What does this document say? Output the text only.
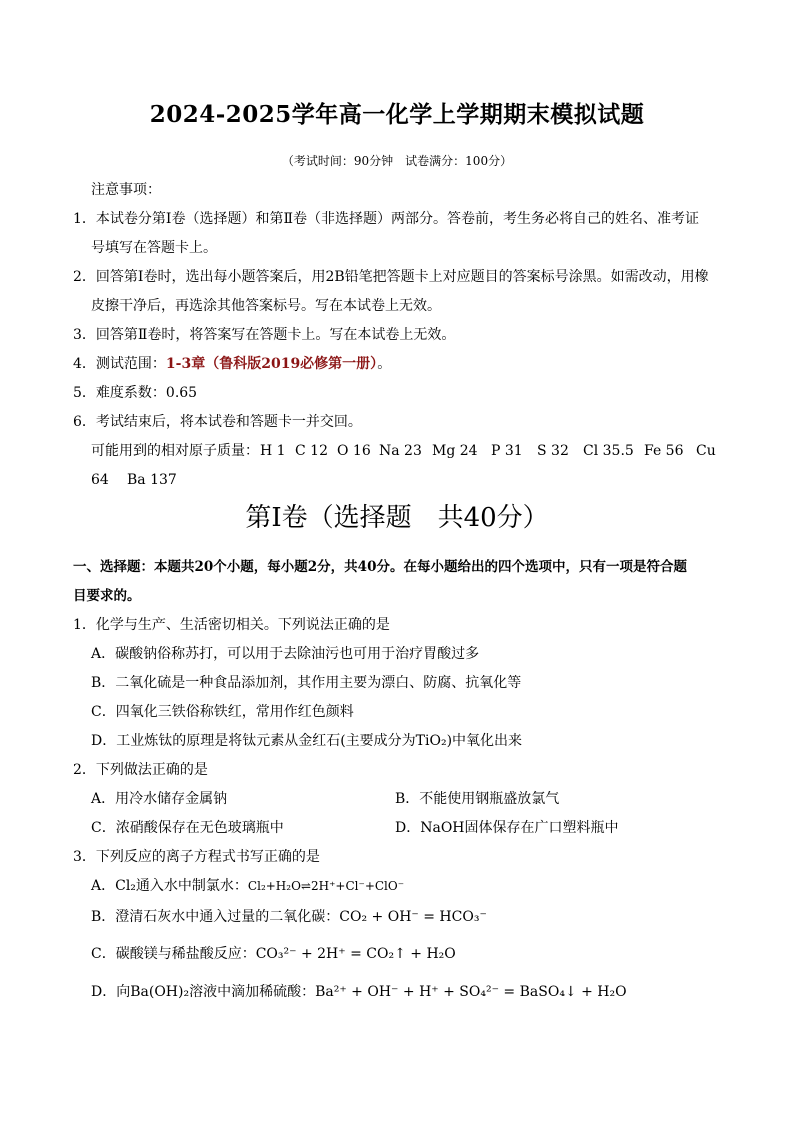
2024-2025学年高一化学上学期期末模拟试题
（考试时间：90分钟　试卷满分：100分）
注意事项：
1．本试卷分第Ⅰ卷（选择题）和第Ⅱ卷（非选择题）两部分。答卷前，考生务必将自己的姓名、准考证
号填写在答题卡上。
2．回答第Ⅰ卷时，选出每小题答案后，用2B铅笔把答题卡上对应题目的答案标号涂黑。如需改动，用橡
皮擦干净后，再选涂其他答案标号。写在本试卷上无效。
3．回答第Ⅱ卷时，将答案写在答题卡上。写在本试卷上无效。
4．测试范围：1-3章（鲁科版2019必修第一册）。
5．难度系数：0.65
6．考试结束后，将本试卷和答题卡一并交回。
可能用到的相对原子质量： H 1 C 12 O 16 Na 23 Mg 24 P 31 S 32 Cl 35.5 Fe 56 Cu
64 Ba 137
第Ⅰ卷（选择题　共40分）
一、选择题：本题共20个小题，每小题2分，共40分。在每小题给出的四个选项中，只有一项是符合题
目要求的。
1．化学与生产、生活密切相关。下列说法正确的是
A．碳酸钠俗称苏打，可以用于去除油污也可用于治疗胃酸过多
B．二氧化硫是一种食品添加剂，其作用主要为漂白、防腐、抗氧化等
C．四氧化三铁俗称铁红，常用作红色颜料
D．工业炼钛的原理是将钛元素从金红石(主要成分为TiO₂)中氧化出来
2．下列做法正确的是
A．用冷水储存金属钠	B．不能使用钢瓶盛放氯气
C．浓硝酸保存在无色玻璃瓶中	D．NaOH固体保存在广口塑料瓶中
3．下列反应的离子方程式书写正确的是
A．Cl₂通入水中制氯水：Cl₂+H₂O⇌2H⁺+Cl⁻+ClO⁻
B．澄清石灰水中通入过量的二氧化碳：CO₂ + OH⁻ = HCO₃⁻
C．碳酸镁与稀盐酸反应：CO₃²⁻ + 2H⁺ = CO₂↑ + H₂O
D．向Ba(OH)₂溶液中滴加稀硫酸：Ba²⁺ + OH⁻ + H⁺ + SO₄²⁻ = BaSO₄↓ + H₂O
